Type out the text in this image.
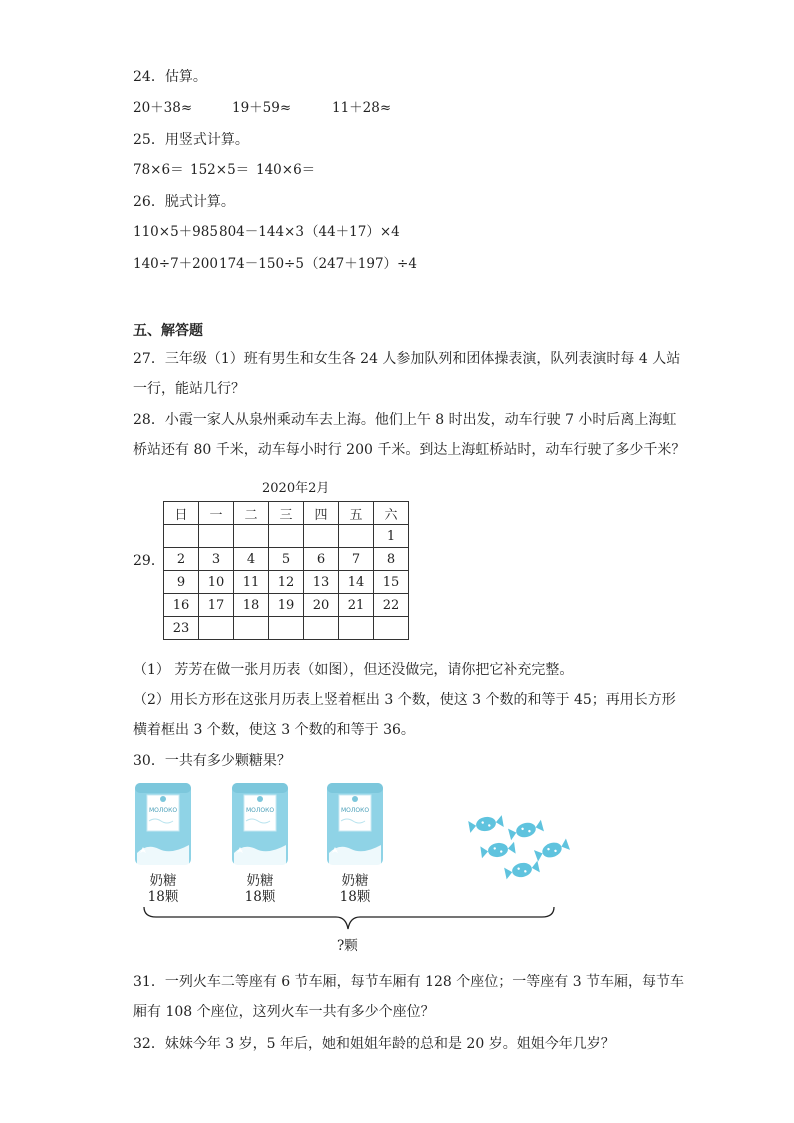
24．估算。
20＋38≈	19＋59≈	11＋28≈
25．用竖式计算。
78×6＝ 152×5＝ 140×6＝
26．脱式计算。
110×5＋985 804－144×3 （44＋17）×4
140÷7＋200 174－150÷5 （247＋197）÷4
五、解答题
27．三年级（1）班有男生和女生各 24 人参加队列和团体操表演，队列表演时每 4 人站
一行，能站几行？
28．小霞一家人从泉州乘动车去上海。他们上午 8 时出发，动车行驶 7 小时后离上海虹
桥站还有 80 千米，动车每小时行 200 千米。到达上海虹桥站时，动车行驶了多少千米？
2020年2月
29．
日	一	二	三	四	五	六
						1
2	3	4	5	6	7	8
9	10	11	12	13	14	15
16	17	18	19	20	21	22
23						
（1） 芳芳在做一张月历表（如图），但还没做完，请你把它补充完整。
（2）用长方形在这张月历表上竖着框出 3 个数，使这 3 个数的和等于 45；再用长方形
横着框出 3 个数，使这 3 个数的和等于 36。
30．一共有多少颗糖果？
МОЛОКО	МОЛОКО	МОЛОКО
奶糖
18颗
奶糖
18颗
奶糖
18颗
?颗
31．一列火车二等座有 6 节车厢，每节车厢有 128 个座位；一等座有 3 节车厢，每节车
厢有 108 个座位，这列火车一共有多少个座位？
32．妹妹今年 3 岁，5 年后，她和姐姐年龄的总和是 20 岁。姐姐今年几岁？
